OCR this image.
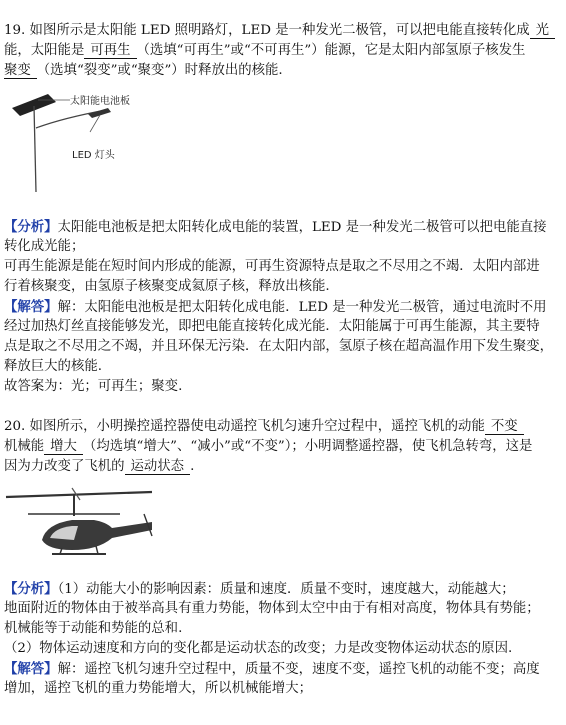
19. 如图所示是太阳能 LED 照明路灯，LED 是一种发光二极管，可以把电能直接转化成 光
能，太阳能是 可再生 （选填“可再生”或“不可再生”）能源，它是太阳内部氢原子核发生
聚变 （选填“裂变”或“聚变”）时释放出的核能.
太阳能电池板
LED 灯头
【分析】太阳能电池板是把太阳转化成电能的装置，LED 是一种发光二极管可以把电能直接
转化成光能；
可再生能源是能在短时间内形成的能源，可再生资源特点是取之不尽用之不竭．太阳内部进
行着核聚变，由氢原子核聚变成氦原子核，释放出核能.
【解答】解：太阳能电池板是把太阳转化成电能．LED 是一种发光二极管，通过电流时不用
经过加热灯丝直接能够发光，即把电能直接转化成光能．太阳能属于可再生能源，其主要特
点是取之不尽用之不竭，并且环保无污染．在太阳内部，氢原子核在超高温作用下发生聚变，
释放巨大的核能.
故答案为：光；可再生；聚变.
20. 如图所示，小明操控遥控器使电动遥控飞机匀速升空过程中，遥控飞机的动能 不变
机械能 增大 （均选填“增大”、“减小”或“不变”）；小明调整遥控器，使飞机急转弯，这是
因为力改变了飞机的 运动状态 .
【分析】（1）动能大小的影响因素：质量和速度．质量不变时，速度越大，动能越大；
地面附近的物体由于被举高具有重力势能，物体到太空中由于有相对高度，物体具有势能；
机械能等于动能和势能的总和.
（2）物体运动速度和方向的变化都是运动状态的改变；力是改变物体运动状态的原因.
【解答】解：遥控飞机匀速升空过程中，质量不变，速度不变，遥控飞机的动能不变；高度
增加，遥控飞机的重力势能增大，所以机械能增大；
